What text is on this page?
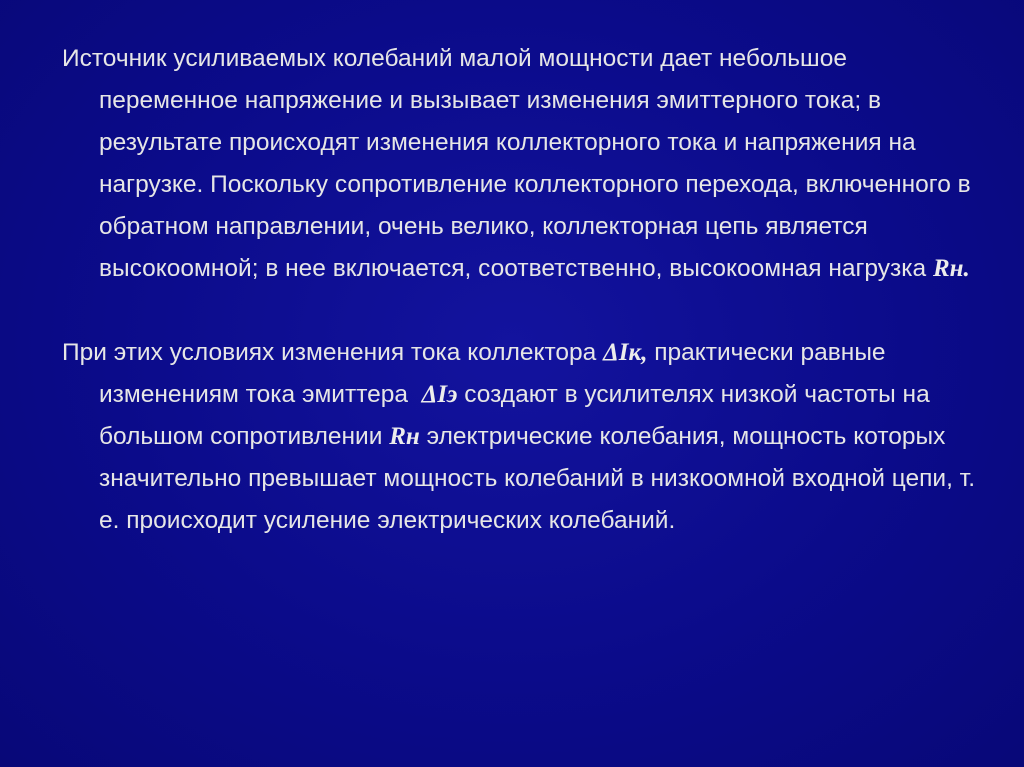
Источник усиливаемых колебаний малой мощности дает небольшое переменное напряжение и вызывает изменения эмиттерного тока; в результате происходят изменения коллекторного тока и напряжения на нагрузке. Поскольку сопротивление коллекторного перехода, включенного в обратном направлении, очень велико, коллекторная цепь является высокоомной; в нее включается, соответственно, высокоомная нагрузка Rн.

При этих условиях изменения тока коллектора ΔIк, практически равные изменениям тока эмиттера  ΔIэ создают в усилителях низкой частоты на большом сопротивлении Rн электрические колебания, мощность которых значительно превышает мощность колебаний в низкоомной входной цепи, т. е. происходит усиление электрических колебаний.
